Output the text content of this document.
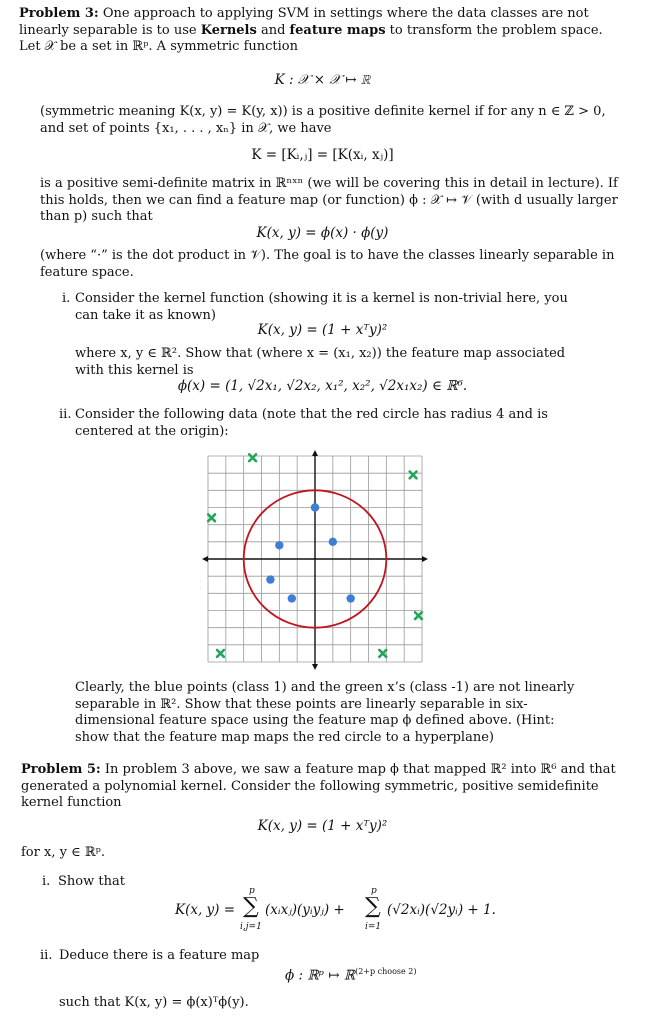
Problem 3: One approach to applying SVM in settings where the data classes are not linearly separable is to use Kernels and feature maps to transform the problem space. Let 𝒳 be a set in ℝᵖ. A symmetric function
K : 𝒳 × 𝒳 ↦ ℝ
(symmetric meaning K(x, y) = K(y, x)) is a positive definite kernel if for any n ∈ ℤ > 0, and set of points {x₁, . . . , xₙ} in 𝒳, we have
K = [Kᵢ,ⱼ] = [K(xᵢ, xⱼ)]
is a positive semi-definite matrix in ℝⁿˣⁿ (we will be covering this in detail in lecture). If this holds, then we can find a feature map (or function) ϕ : 𝒳 ↦ 𝒱 (with d usually larger than p) such that
K(x, y) = ϕ(x) · ϕ(y)
(where “·” is the dot product in 𝒱). The goal is to have the classes linearly separable in feature space.
i. Consider the kernel function (showing it is a kernel is non-trivial here, you can take it as known)
K(x, y) = (1 + xᵀy)²
where x, y ∈ ℝ². Show that (where x = (x₁, x₂)) the feature map associated with this kernel is
ϕ(x) = (1, √2x₁, √2x₂, x₁², x₂², √2x₁x₂) ∈ ℝ⁶.
ii. Consider the following data (note that the red circle has radius 4 and is centered at the origin):
Clearly, the blue points (class 1) and the green x’s (class -1) are not linearly separable in ℝ². Show that these points are linearly separable in six-dimensional feature space using the feature map ϕ defined above. (Hint: show that the feature map maps the red circle to a hyperplane)
Problem 5: In problem 3 above, we saw a feature map ϕ that mapped ℝ² into ℝ⁶ and that generated a polynomial kernel. Consider the following symmetric, positive semidefinite kernel function
K(x, y) = (1 + xᵀy)²
for x, y ∈ ℝᵖ.
i. Show that
K(x, y) =
p
∑
i,j=1
(xᵢxⱼ)(yᵢyⱼ) +
p
∑
i=1
(√2xᵢ)(√2yᵢ) + 1.
ii. Deduce there is a feature map
ϕ : ℝᵖ ↦ ℝ$^{(2+p choose 2)}$
such that K(x, y) = ϕ(x)ᵀϕ(y).
